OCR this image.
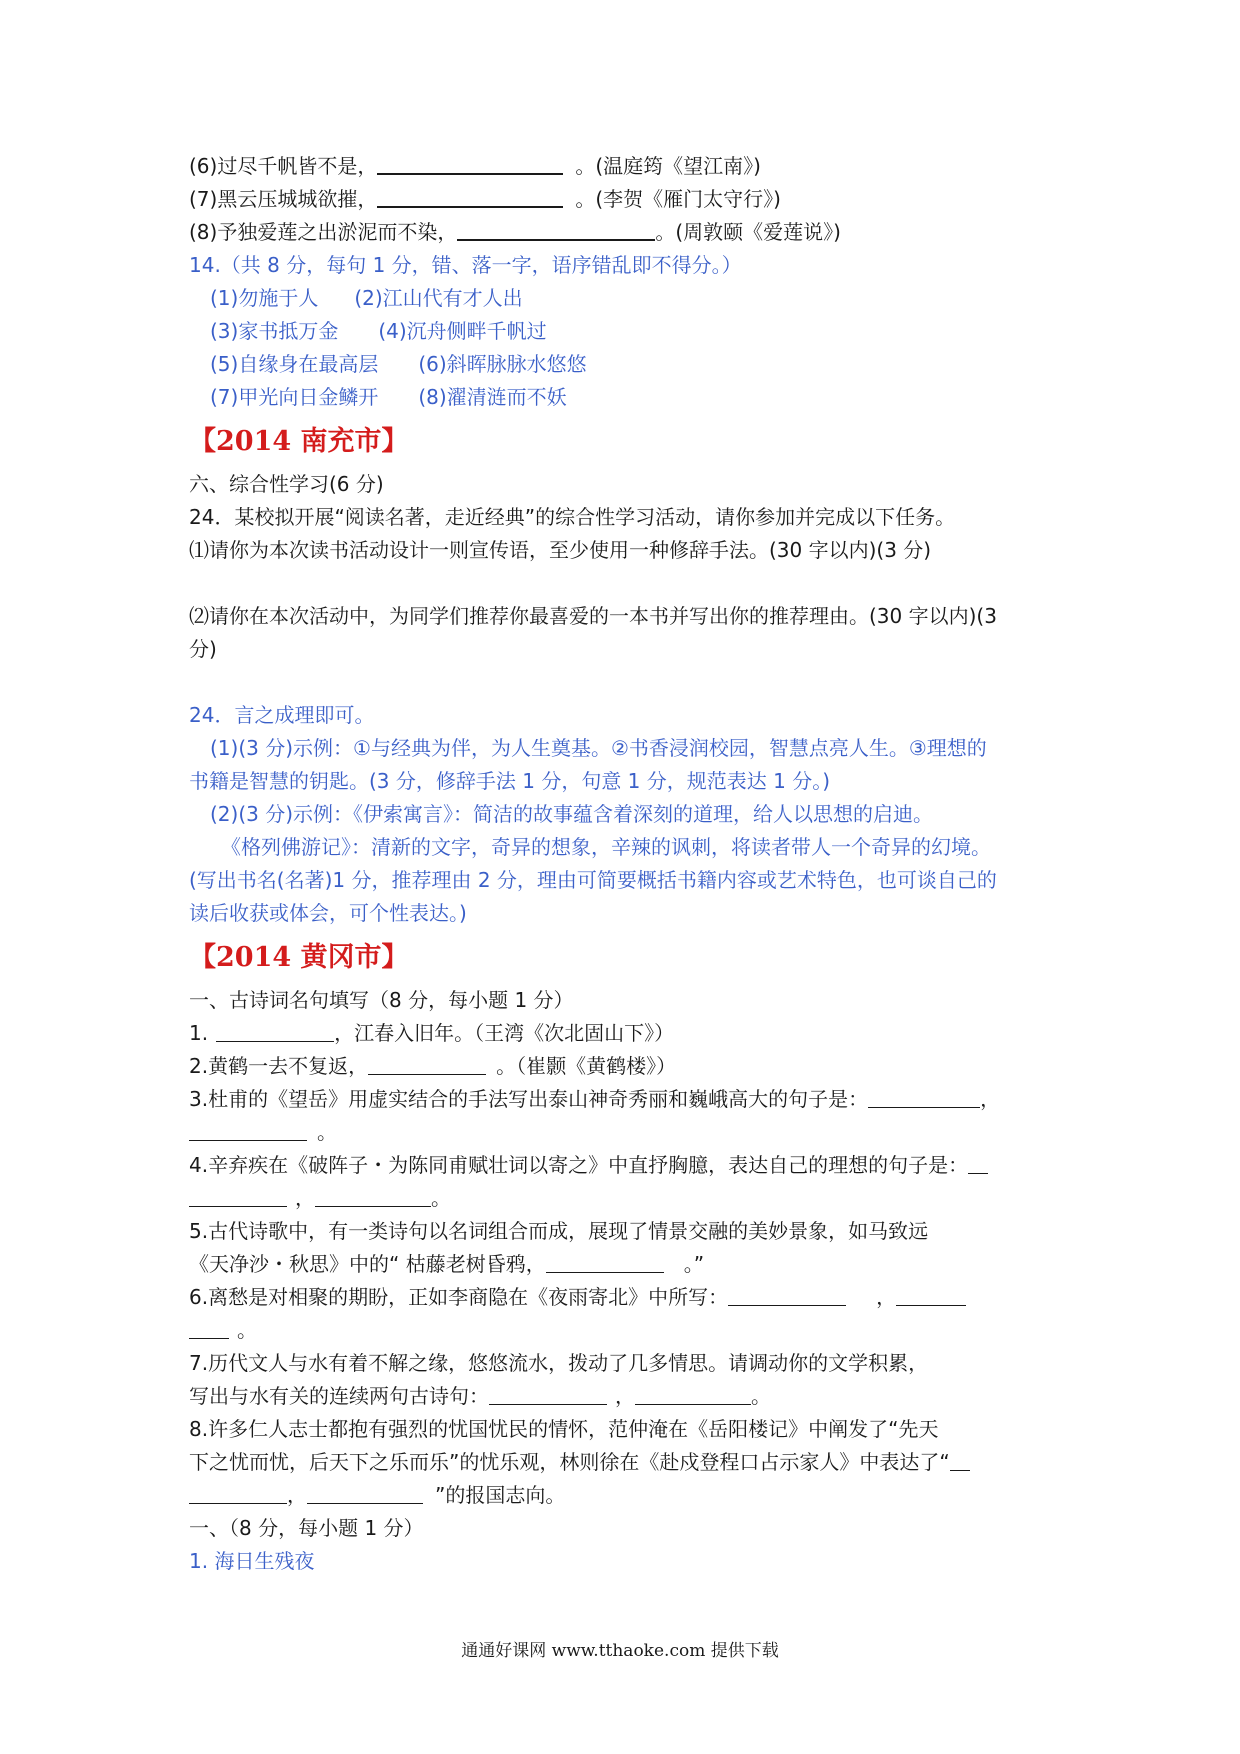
(6)过尽千帆皆不是，	。(温庭筠《望江南》)
(7)黑云压城城欲摧，	。(李贺《雁门太守行》)
(8)予独爱莲之出淤泥而不染，	。(周敦颐《爱莲说》)
14.（共 8 分，每句 1 分，错、落一字，语序错乱即不得分。）
(1)勿施于人 (2)江山代有才人出
(3)家书抵万金 (4)沉舟侧畔千帆过
(5)自缘身在最高层 (6)斜晖脉脉水悠悠
(7)甲光向日金鳞开 (8)濯清涟而不妖
【2014 南充市】
六、综合性学习(6 分)
24．某校拟开展“阅读名著，走近经典”的综合性学习活动，请你参加并完成以下任务。
⑴请你为本次读书活动设计一则宣传语，至少使用一种修辞手法。(30 字以内)(3 分)
⑵请你在本次活动中，为同学们推荐你最喜爱的一本书并写出你的推荐理由。(30 字以内)(3
分)
24．言之成理即可。
(1)(3 分)示例：①与经典为伴，为人生奠基。②书香浸润校园，智慧点亮人生。③理想的
书籍是智慧的钥匙。(3 分，修辞手法 1 分，句意 1 分，规范表达 1 分。)
(2)(3 分)示例：《伊索寓言》：简洁的故事蕴含着深刻的道理，给人以思想的启迪。
《格列佛游记》：清新的文字，奇异的想象，辛辣的讽刺，将读者带人一个奇异的幻境。
(写出书名(名著)1 分，推荐理由 2 分，理由可简要概括书籍内容或艺术特色，也可谈自己的
读后收获或体会，可个性表达。)
【2014 黄冈市】
一、古诗词名句填写（8 分，每小题 1 分）
1.	，江春入旧年。（王湾《次北固山下》）
2.黄鹤一去不复返，	。（崔颢《黄鹤楼》）
3.杜甫的《望岳》用虚实结合的手法写出泰山神奇秀丽和巍峨高大的句子是：	，
。
4.辛弃疾在《破阵子・为陈同甫赋壮词以寄之》中直抒胸臆，表达自己的理想的句子是：
，	。
5.古代诗歌中，有一类诗句以名词组合而成，展现了情景交融的美妙景象，如马致远
《天净沙・秋思》中的“ 枯藤老树昏鸦，	。”
6.离愁是对相聚的期盼，正如李商隐在《夜雨寄北》中所写：	，
。
7.历代文人与水有着不解之缘，悠悠流水，拨动了几多情思。请调动你的文学积累，
写出与水有关的连续两句古诗句：	，	。
8.许多仁人志士都抱有强烈的忧国忧民的情怀，范仲淹在《岳阳楼记》中阐发了“先天
下之忧而忧，后天下之乐而乐”的忧乐观，林则徐在《赴戍登程口占示家人》中表达了“
，	”的报国志向。
一、（8 分，每小题 1 分）
1. 海日生残夜
通通好课网 www.tthaoke.com 提供下载
